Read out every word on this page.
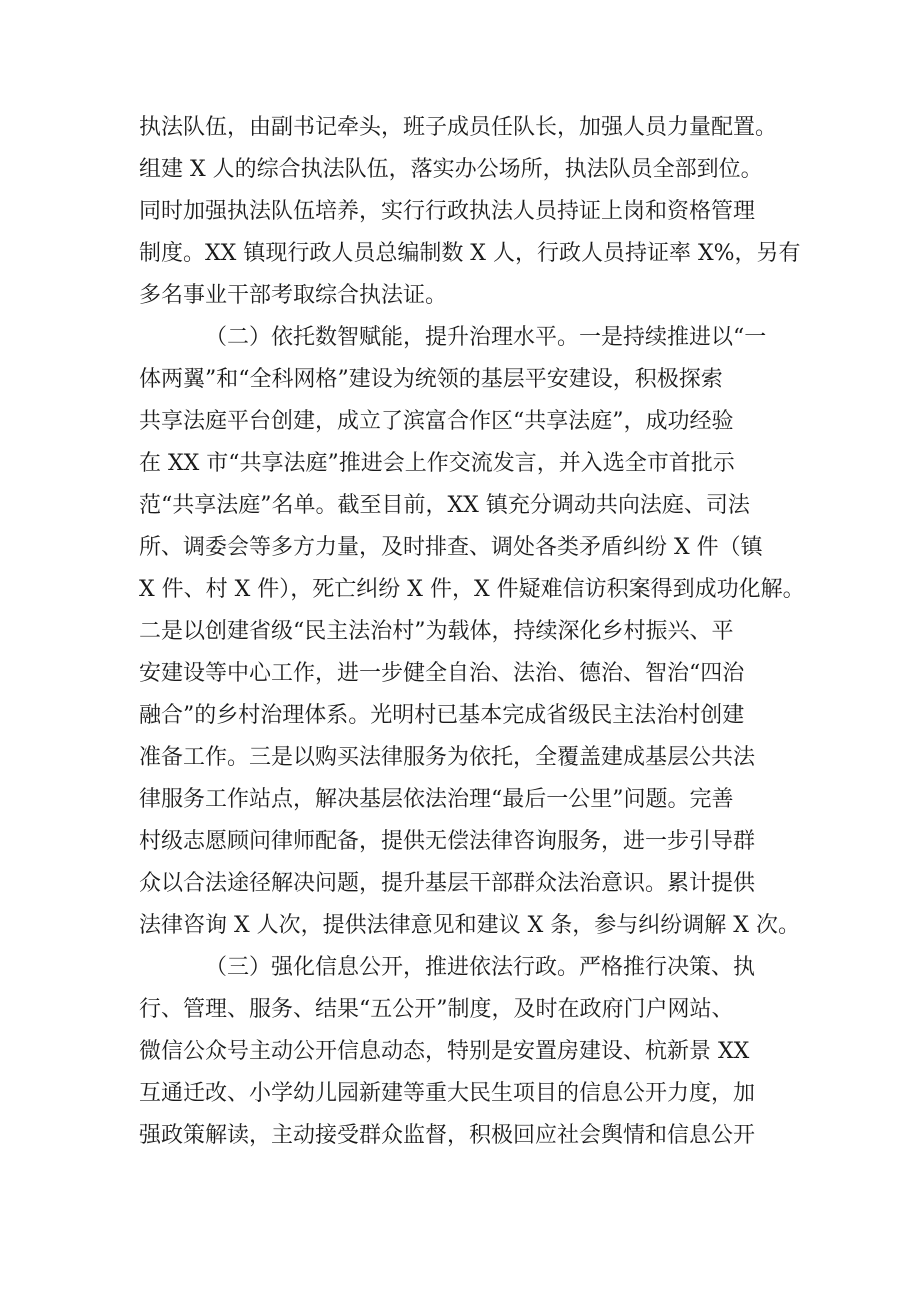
执法队伍，由副书记牵头，班子成员任队长，加强人员力量配置。
组建 X 人的综合执法队伍，落实办公场所，执法队员全部到位。
同时加强执法队伍培养，实行行政执法人员持证上岗和资格管理
制度。XX 镇现行政人员总编制数 X 人，行政人员持证率 X%，另有
多名事业干部考取综合执法证。
（二）依托数智赋能，提升治理水平。一是持续推进以“一
体两翼”和“全科网格”建设为统领的基层平安建设，积极探索
共享法庭平台创建，成立了滨富合作区“共享法庭”，成功经验
在 XX 市“共享法庭”推进会上作交流发言，并入选全市首批示
范“共享法庭”名单。截至目前，XX 镇充分调动共向法庭、司法
所、调委会等多方力量，及时排查、调处各类矛盾纠纷 X 件（镇
X 件、村 X 件），死亡纠纷 X 件，X 件疑难信访积案得到成功化解。
二是以创建省级“民主法治村”为载体，持续深化乡村振兴、平
安建设等中心工作，进一步健全自治、法治、德治、智治“四治
融合”的乡村治理体系。光明村已基本完成省级民主法治村创建
准备工作。三是以购买法律服务为依托，全覆盖建成基层公共法
律服务工作站点，解决基层依法治理“最后一公里”问题。完善
村级志愿顾问律师配备，提供无偿法律咨询服务，进一步引导群
众以合法途径解决问题，提升基层干部群众法治意识。累计提供
法律咨询 X 人次，提供法律意见和建议 X 条，参与纠纷调解 X 次。
（三）强化信息公开，推进依法行政。严格推行决策、执
行、管理、服务、结果“五公开”制度，及时在政府门户网站、
微信公众号主动公开信息动态，特别是安置房建设、杭新景 XX
互通迁改、小学幼儿园新建等重大民生项目的信息公开力度，加
强政策解读，主动接受群众监督，积极回应社会舆情和信息公开
